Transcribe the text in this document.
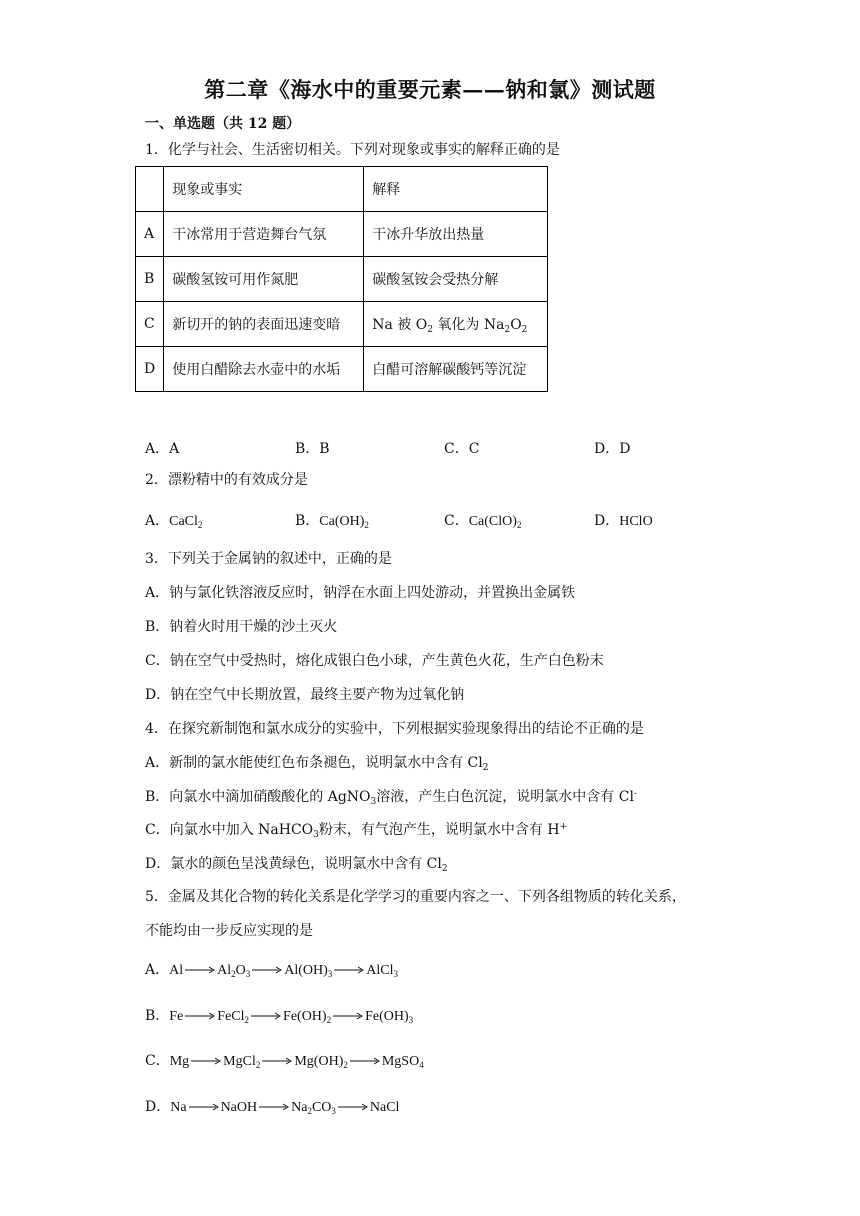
第二章《海水中的重要元素——钠和氯》测试题
一、单选题（共 12 题）
1．化学与社会、生活密切相关。下列对现象或事实的解释正确的是
	现象或事实	解释
A	干冰常用于营造舞台气氛	干冰升华放出热量
B	碳酸氢铵可用作氮肥	碳酸氢铵会受热分解
C	新切开的钠的表面迅速变暗	Na 被 $O_2$ 氧化为 $Na_2O_2$
D	使用白醋除去水壶中的水垢	白醋可溶解碳酸钙等沉淀
A．A	B．B	C．C	D．D
2．漂粉精中的有效成分是
A．CaCl$_2$	B．$Ca(OH)_2$	C．$Ca(ClO)_2$	D．HClO
3．下列关于金属钠的叙述中，正确的是
A．钠与氯化铁溶液反应时，钠浮在水面上四处游动，并置换出金属铁
B．钠着火时用干燥的沙土灭火
C．钠在空气中受热时，熔化成银白色小球，产生黄色火花，生产白色粉末
D．钠在空气中长期放置，最终主要产物为过氧化钠
4．在探究新制饱和氯水成分的实验中，下列根据实验现象得出的结论不正确的是
A．新制的氯水能使红色布条褪色，说明氯水中含有 $Cl_2$
B．向氯水中滴加硝酸酸化的 AgNO$_3$溶液，产生白色沉淀，说明氯水中含有 Cl-
C．向氯水中加入 NaHCO$_3$粉末，有气泡产生，说明氯水中含有 H+
D．氯水的颜色呈浅黄绿色，说明氯水中含有 $Cl_2$
5．金属及其化合物的转化关系是化学学习的重要内容之一、下列各组物质的转化关系，
不能均由一步反应实现的是
A． Al $Al_2O_3$ $Al(OH)_3$ AlCl$_3$
B． Fe FeCl$_2$ $Fe(OH)_2$ $Fe(OH)_3$
C． Mg MgCl$_2$ $Mg(OH)_2$ MgSO$_4$
D． Na NaOH $Na_2CO_3$ NaCl
